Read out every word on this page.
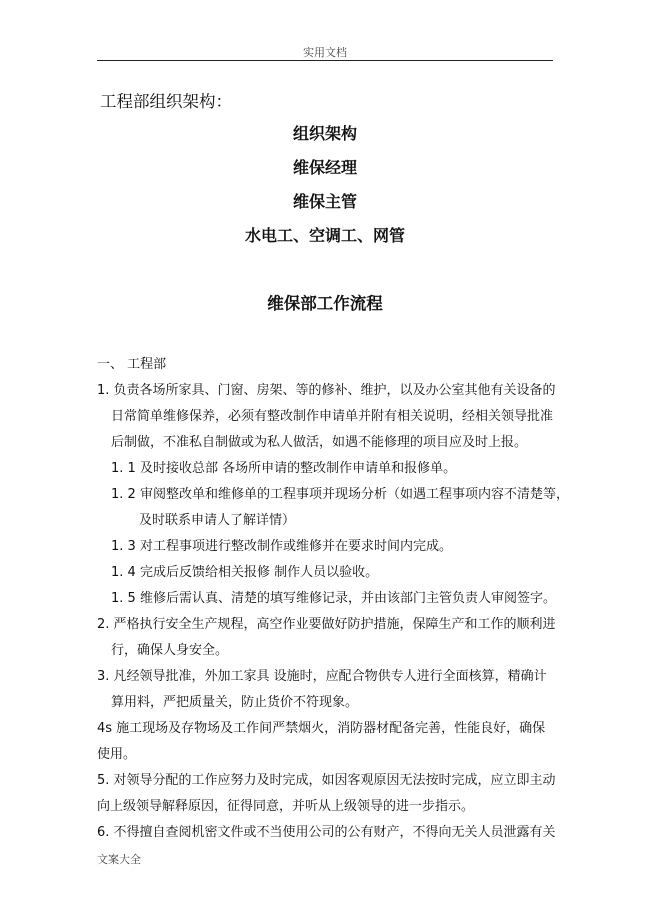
实用文档
工程部组织架构：
组织架构
维保经理
维保主管
水电工、空调工、网管
维保部工作流程
一、 工程部
1. 负责各场所家具、门窗、房架、等的修补、维护，以及办公室其他有关设备的
日常简单维修保养，必须有整改制作申请单并附有相关说明，经相关领导批准
后制做，不准私自制做或为私人做活，如遇不能修理的项目应及时上报。
1. 1 及时接收总部 各场所申请的整改制作申请单和报修单。
1. 2 审阅整改单和维修单的工程事项并现场分析（如遇工程事项内容不清楚等，
及时联系申请人了解详情）
1. 3 对工程事项进行整改制作或维修并在要求时间内完成。
1. 4 完成后反馈给相关报修 制作人员以验收。
1. 5 维修后需认真、清楚的填写维修记录，并由该部门主管负责人审阅签字。
2. 严格执行安全生产规程，高空作业要做好防护措施，保障生产和工作的顺利进
行，确保人身安全。
3. 凡经领导批准，外加工家具 设施时，应配合物供专人进行全面核算，精确计
算用料，严把质量关，防止货价不符现象。
4s 施工现场及存物场及工作间严禁烟火，消防器材配备完善，性能良好，确保
使用。
5. 对领导分配的工作应努力及时完成，如因客观原因无法按时完成，应立即主动
向上级领导解释原因，征得同意，并听从上级领导的进一步指示。
6. 不得擅自查阅机密文件或不当使用公司的公有财产，不得向无关人员泄露有关
文案大全
